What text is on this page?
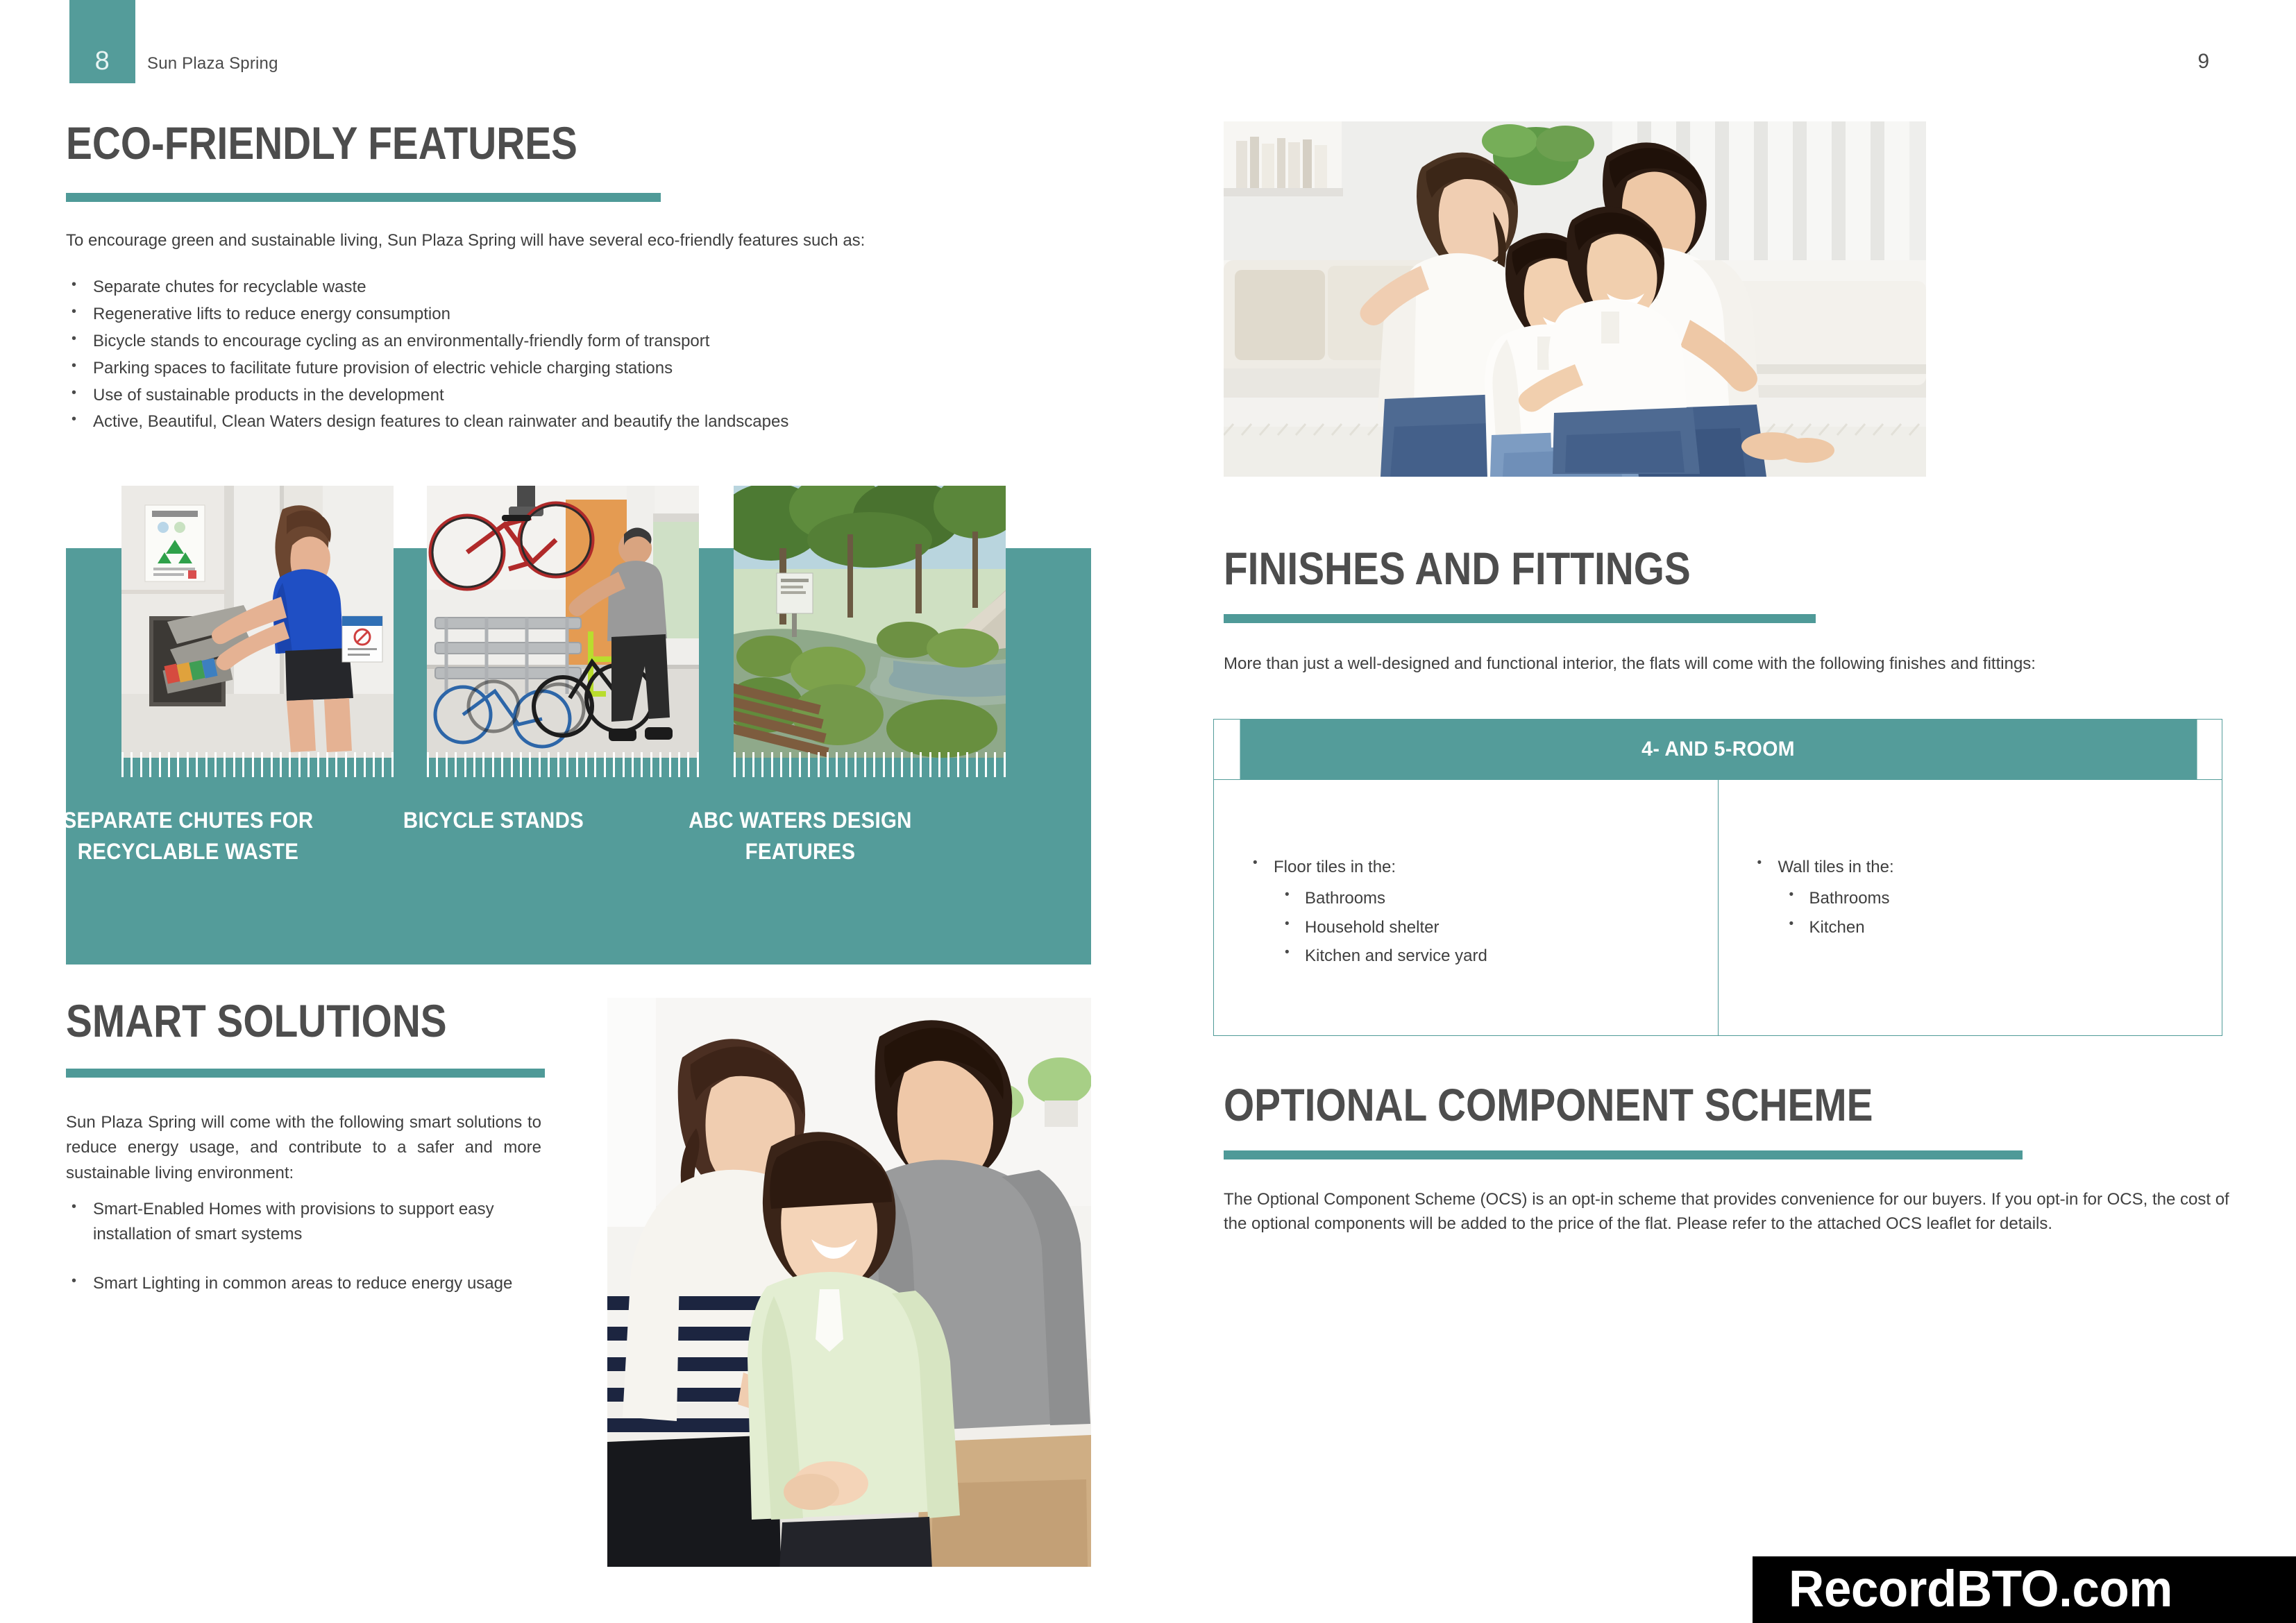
8	Sun Plaza Spring	9
ECO-FRIENDLY FEATURES
To encourage green and sustainable living, Sun Plaza Spring will have several eco-friendly features such as:
• Separate chutes for recyclable waste
• Regenerative lifts to reduce energy consumption
• Bicycle stands to encourage cycling as an environmentally-friendly form of transport
• Parking spaces to facilitate future provision of electric vehicle charging stations
• Use of sustainable products in the development
• Active, Beautiful, Clean Waters design features to clean rainwater and beautify the landscapes
SEPARATE CHUTES FOR RECYCLABLE WASTE
BICYCLE STANDS	ABC WATERS DESIGN FEATURES
SMART SOLUTIONS
Sun Plaza Spring will come with the following smart solutions to reduce energy usage, and contribute to a safer and more sustainable living environment:
• Smart-Enabled Homes with provisions to support easy installation of smart systems
• Smart Lighting in common areas to reduce energy usage
FINISHES AND FITTINGS
More than just a well-designed and functional interior, the flats will come with the following finishes and fittings:
4- AND 5-ROOM

• Floor tiles in the:
• Bathrooms
• Household shelter
• Kitchen and service yard

• Wall tiles in the:
• Bathrooms
• Kitchen
OPTIONAL COMPONENT SCHEME
The Optional Component Scheme (OCS) is an opt-in scheme that provides convenience for our buyers. If you opt-in for OCS, the cost of the optional components will be added to the price of the flat. Please refer to the attached OCS leaflet for details.
RecordBTO.com
